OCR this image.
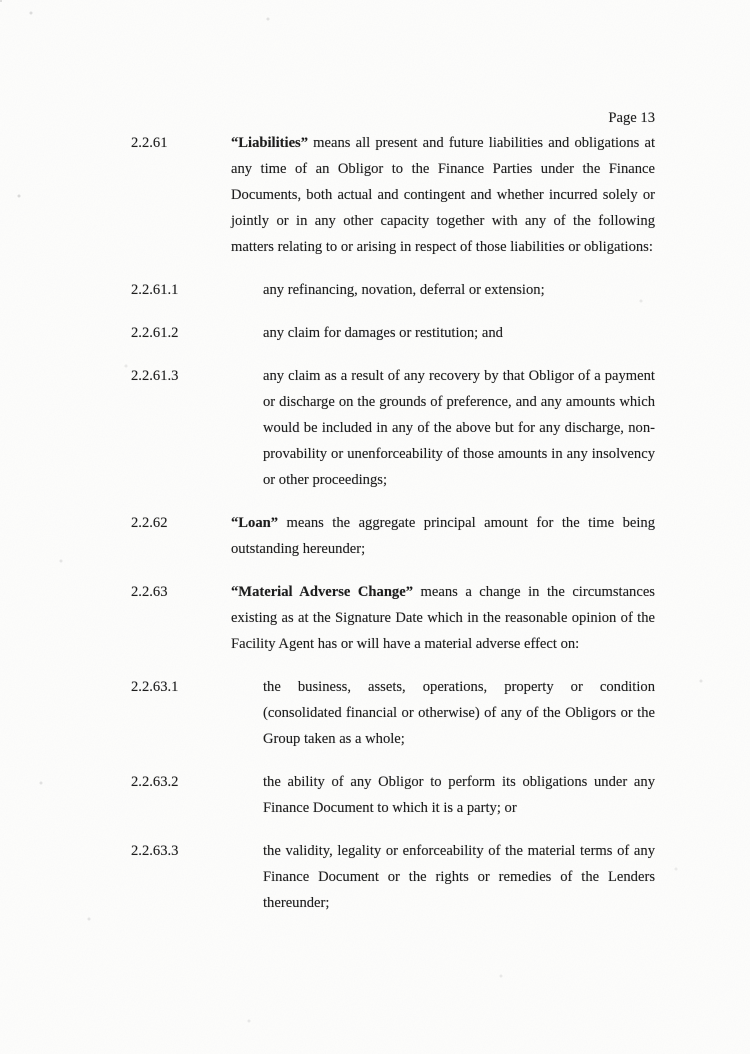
Page 13
2.2.61	“Liabilities” means all present and future liabilities and obligations at any time of an Obligor to the Finance Parties under the Finance Documents, both actual and contingent and whether incurred solely or jointly or in any other capacity together with any of the following matters relating to or arising in respect of those liabilities or obligations:
2.2.61.1	any refinancing, novation, deferral or extension;
2.2.61.2	any claim for damages or restitution; and
2.2.61.3	any claim as a result of any recovery by that Obligor of a payment or discharge on the grounds of preference, and any amounts which would be included in any of the above but for any discharge, non-provability or unenforceability of those amounts in any insolvency or other proceedings;
2.2.62	“Loan” means the aggregate principal amount for the time being outstanding hereunder;
2.2.63	“Material Adverse Change” means a change in the circumstances existing as at the Signature Date which in the reasonable opinion of the Facility Agent has or will have a material adverse effect on:
2.2.63.1	the business, assets, operations, property or condition (consolidated financial or otherwise) of any of the Obligors or the Group taken as a whole;
2.2.63.2	the ability of any Obligor to perform its obligations under any Finance Document to which it is a party; or
2.2.63.3	the validity, legality or enforceability of the material terms of any Finance Document or the rights or remedies of the Lenders thereunder;
